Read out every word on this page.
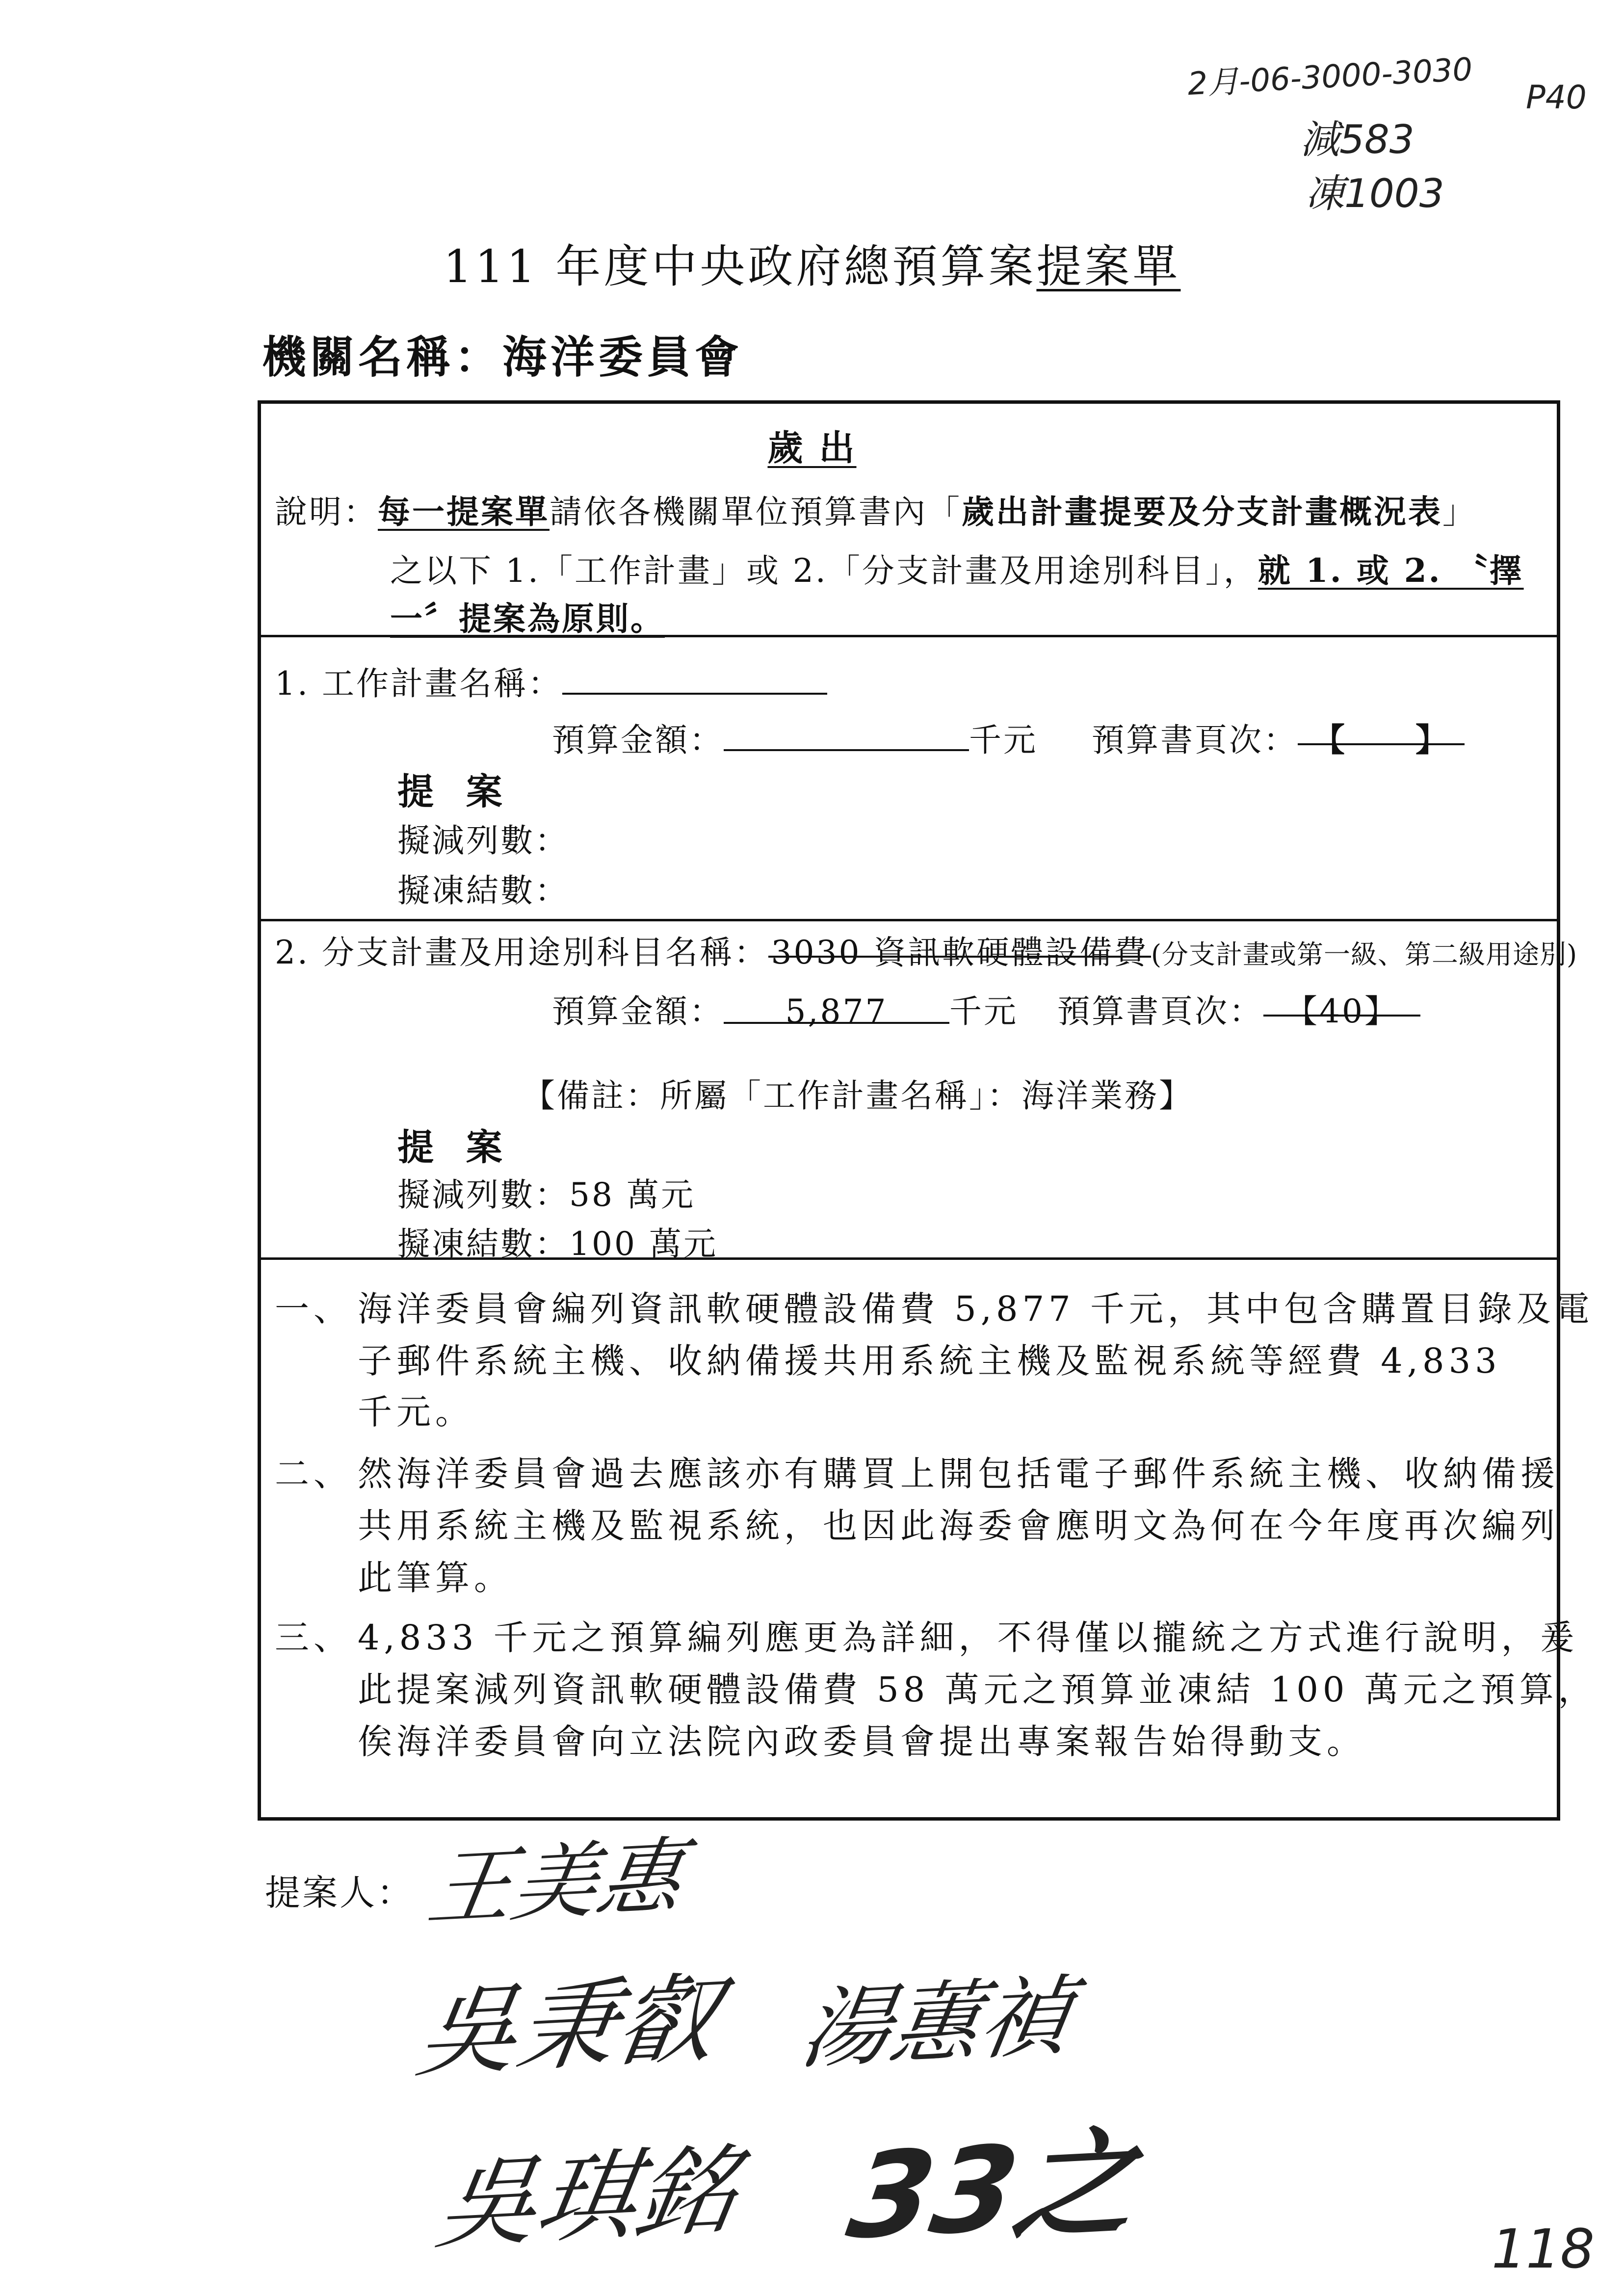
2月-06-3000-3030 P40
減583
凍1003
111 年度中央政府總預算案提案單
機關名稱：海洋委員會
歲 出
說明：每一提案單請依各機關單位預算書內「歲出計畫提要及分支計畫概況表」
之以下 1.「工作計畫」或 2.「分支計畫及用途別科目」，就 1. 或 2. 〝擇
一〞提案為原則。
1. 工作計畫名稱：
預算金額：	千元 預算書頁次： 【　　】
提 案
擬減列數：
擬凍結數：
2. 分支計畫及用途別科目名稱：3030 資訊軟硬體設備費 (分支計畫或第一級、第二級用途別)
預算金額： 5,877 千元 預算書頁次： 【40】
【備註：所屬「工作計畫名稱」：海洋業務】
提 案
擬減列數：58 萬元
擬凍結數：100 萬元
一、 海洋委員會編列資訊軟硬體設備費 5,877 千元，其中包含購置目錄及電
子郵件系統主機、收納備援共用系統主機及監視系統等經費 4,833
千元。
二、 然海洋委員會過去應該亦有購買上開包括電子郵件系統主機、收納備援
共用系統主機及監視系統，也因此海委會應明文為何在今年度再次編列
此筆算。
三、 4,833 千元之預算編列應更為詳細，不得僅以攏統之方式進行說明，爰
此提案減列資訊軟硬體設備費 58 萬元之預算並凍結 100 萬元之預算，
俟海洋委員會向立法院內政委員會提出專案報告始得動支。
提案人： 王美惠
吳秉叡 湯蕙禎
吳琪銘 33之	118
